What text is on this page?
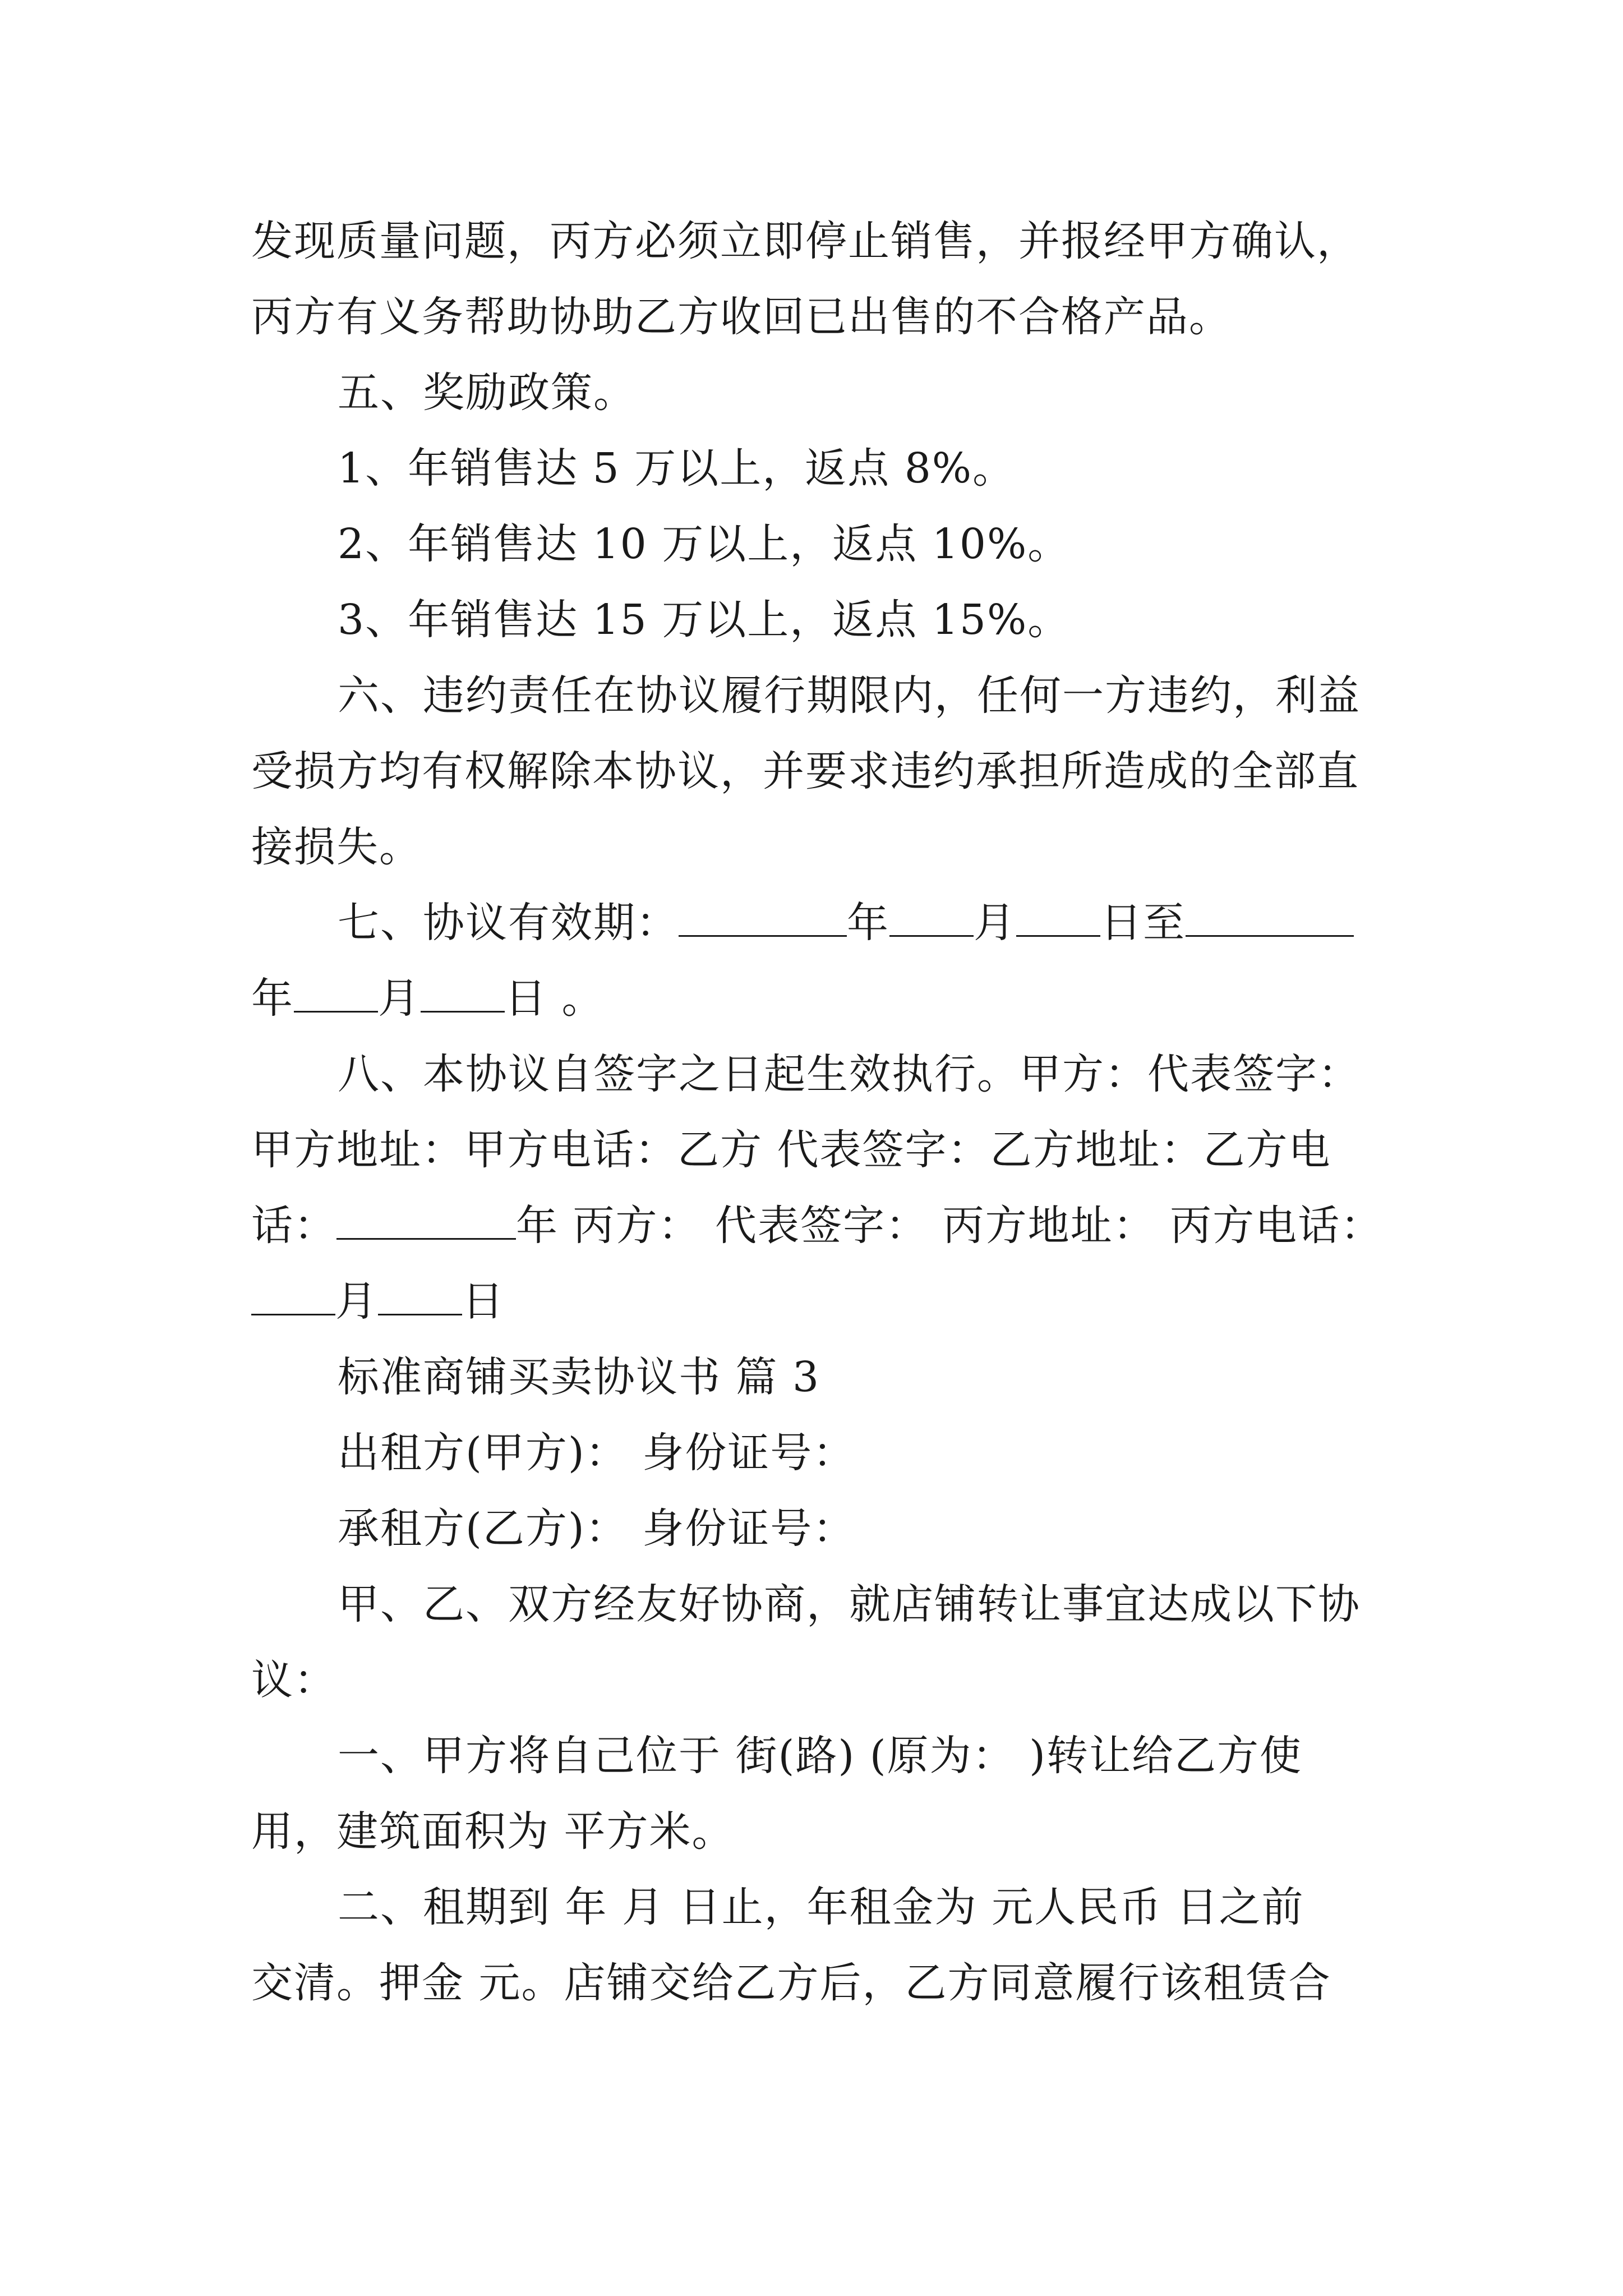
发现质量问题，丙方必须立即停止销售，并报经甲方确认，
丙方有义务帮助协助乙方收回已出售的不合格产品。
五、奖励政策。
1、年销售达 5 万以上，返点 8%。
2、年销售达 10 万以上，返点 10%。
3、年销售达 15 万以上，返点 15%。
六、违约责任在协议履行期限内，任何一方违约，利益
受损方均有权解除本协议，并要求违约承担所造成的全部直
接损失。
七、协议有效期：	年 月 日至
年 月 日 。
八、本协议自签字之日起生效执行。甲方：代表签字：
甲方地址：甲方电话：乙方 代表签字：乙方地址：乙方电
话：	年 丙方： 代表签字： 丙方地址： 丙方电话：
月 日
标准商铺买卖协议书 篇 3
出租方(甲方)： 身份证号：
承租方(乙方)： 身份证号：
甲、乙、双方经友好协商，就店铺转让事宜达成以下协
议：
一、甲方将自己位于 街(路) (原为： )转让给乙方使
用，建筑面积为 平方米。
二、租期到 年 月 日止，年租金为 元人民币 日之前
交清。押金 元。店铺交给乙方后，乙方同意履行该租赁合
